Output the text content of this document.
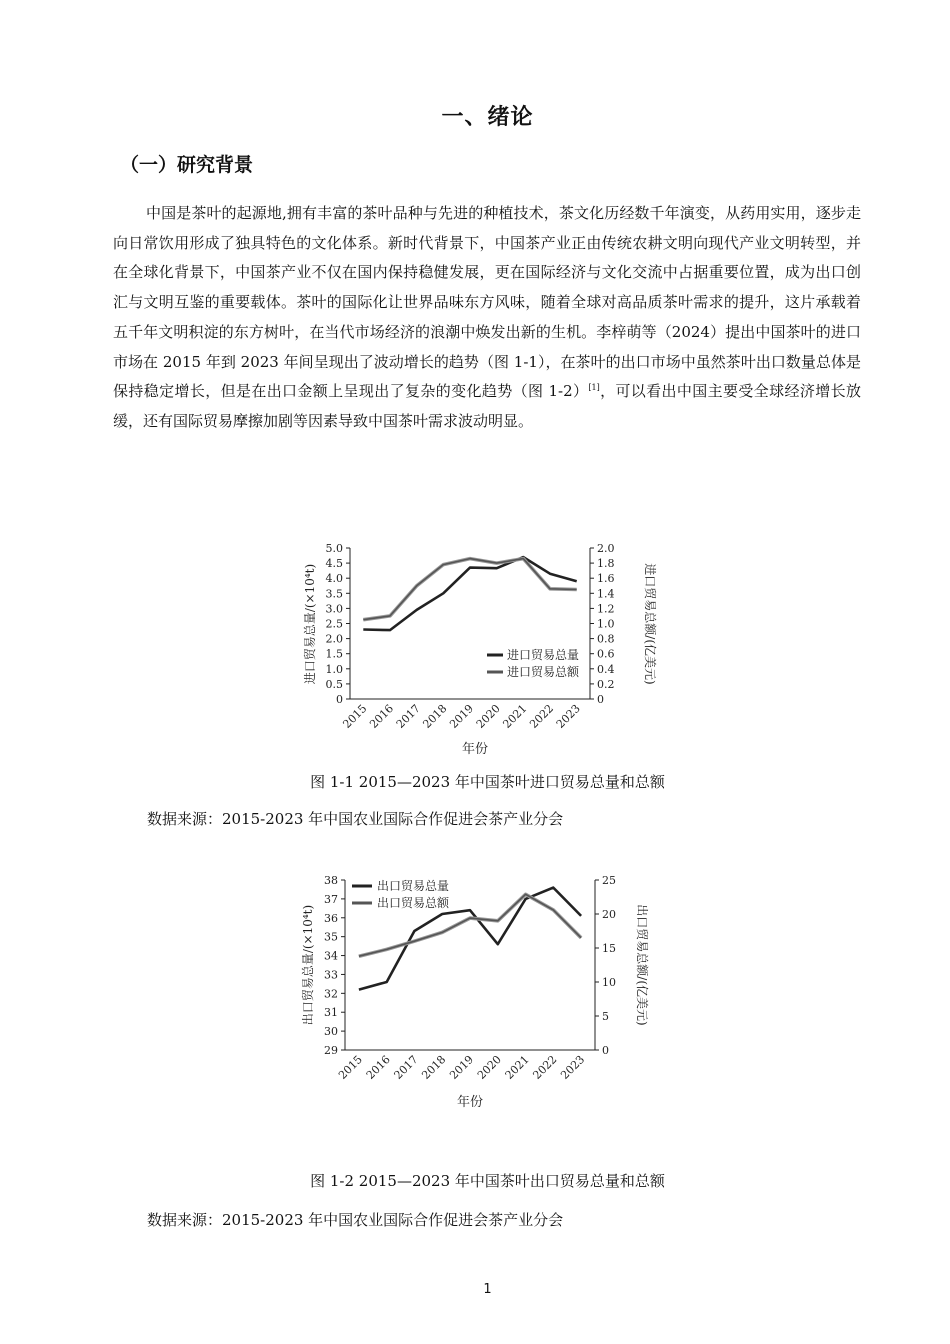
一、绪论
（一）研究背景

中国是茶叶的起源地,拥有丰富的茶叶品种与先进的种植技术，茶文化历经数千年演变，从药用实用，逐步走向日常饮用形成了独具特色的文化体系。新时代背景下，中国茶产业正由传统农耕文明向现代产业文明转型，并在全球化背景下，中国茶产业不仅在国内保持稳健发展，更在国际经济与文化交流中占据重要位置，成为出口创汇与文明互鉴的重要载体。茶叶的国际化让世界品味东方风味，随着全球对高品质茶叶需求的提升，这片承载着五千年文明积淀的东方树叶，在当代市场经济的浪潮中焕发出新的生机。李梓萌等（2024）提出中国茶叶的进口市场在 2015 年到 2023 年间呈现出了波动增长的趋势（图 1-1），在茶叶的出口市场中虽然茶叶出口数量总体是保持稳定增长，但是在出口金额上呈现出了复杂的变化趋势（图 1-2）[1]，可以看出中国主要受全球经济增长放缓，还有国际贸易摩擦加剧等因素导致中国茶叶需求波动明显。

0
0.5
1.0
1.5
2.0
2.5
3.0
3.5
4.0
4.5
5.0
0
0.2
0.4
0.6
0.8
1.0
1.2
1.4
1.6
1.8
2.0
2015
2016
2017
2018
2019
2020
2021
2022
2023
进口贸易总量
进口贸易总额
年份
进口贸易总量/(×10⁴t)	进口贸易总额/(亿美元)
图 1-1 2015—2023 年中国茶叶进口贸易总量和总额
数据来源：2015-2023 年中国农业国际合作促进会茶产业分会
29
30
31
32
33
34
35
36
37
38
0
5
10
15
20
25
2015
2016
2017
2018
2019
2020
2021
2022
2023
出口贸易总量
出口贸易总额
年份
出口贸易总量/(×10⁴t)	出口贸易总额/(亿美元)
图 1-2 2015—2023 年中国茶叶出口贸易总量和总额
数据来源：2015-2023 年中国农业国际合作促进会茶产业分会
1
